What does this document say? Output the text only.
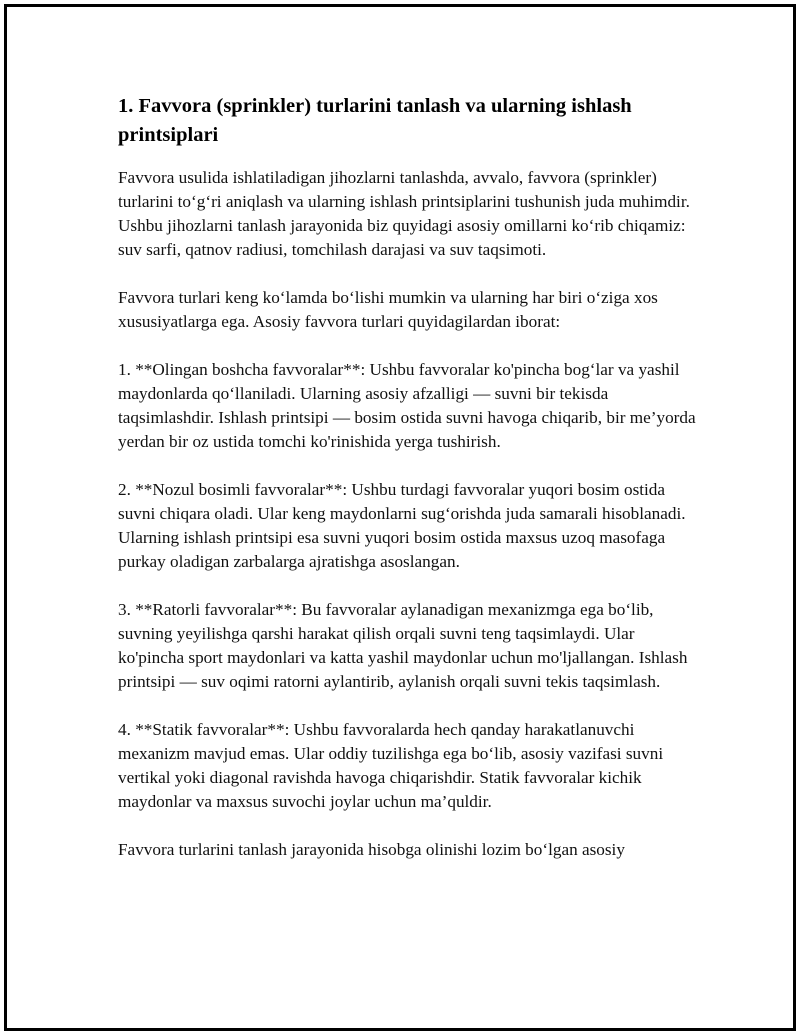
1. Favvora (sprinkler) turlarini tanlash va ularning ishlash printsiplari

Favvora usulida ishlatiladigan jihozlarni tanlashda, avvalo, favvora (sprinkler) turlarini to‘g‘ri aniqlash va ularning ishlash printsiplarini tushunish juda muhimdir. Ushbu jihozlarni tanlash jarayonida biz quyidagi asosiy omillarni ko‘rib chiqamiz: suv sarfi, qatnov radiusi, tomchilash darajasi va suv taqsimoti.

Favvora turlari keng ko‘lamda bo‘lishi mumkin va ularning har biri o‘ziga xos xususiyatlarga ega. Asosiy favvora turlari quyidagilardan iborat:

1. **Olingan boshcha favvoralar**: Ushbu favvoralar ko'pincha bog‘lar va yashil maydonlarda qo‘llaniladi. Ularning asosiy afzalligi — suvni bir tekisda taqsimlashdir. Ishlash printsipi — bosim ostida suvni havoga chiqarib, bir me’yorda yerdan bir oz ustida tomchi ko'rinishida yerga tushirish.

2. **Nozul bosimli favvoralar**: Ushbu turdagi favvoralar yuqori bosim ostida suvni chiqara oladi. Ular keng maydonlarni sug‘orishda juda samarali hisoblanadi. Ularning ishlash printsipi esa suvni yuqori bosim ostida maxsus uzoq masofaga purkay oladigan zarbalarga ajratishga asoslangan.

3. **Ratorli favvoralar**: Bu favvoralar aylanadigan mexanizmga ega bo‘lib, suvning yeyilishga qarshi harakat qilish orqali suvni teng taqsimlaydi. Ular ko'pincha sport maydonlari va katta yashil maydonlar uchun mo'ljallangan. Ishlash printsipi — suv oqimi ratorni aylantirib, aylanish orqali suvni tekis taqsimlash.

4. **Statik favvoralar**: Ushbu favvoralarda hech qanday harakatlanuvchi mexanizm mavjud emas. Ular oddiy tuzilishga ega bo‘lib, asosiy vazifasi suvni vertikal yoki diagonal ravishda havoga chiqarishdir. Statik favvoralar kichik maydonlar va maxsus suvochi joylar uchun ma’quldir.

Favvora turlarini tanlash jarayonida hisobga olinishi lozim bo‘lgan asosiy
